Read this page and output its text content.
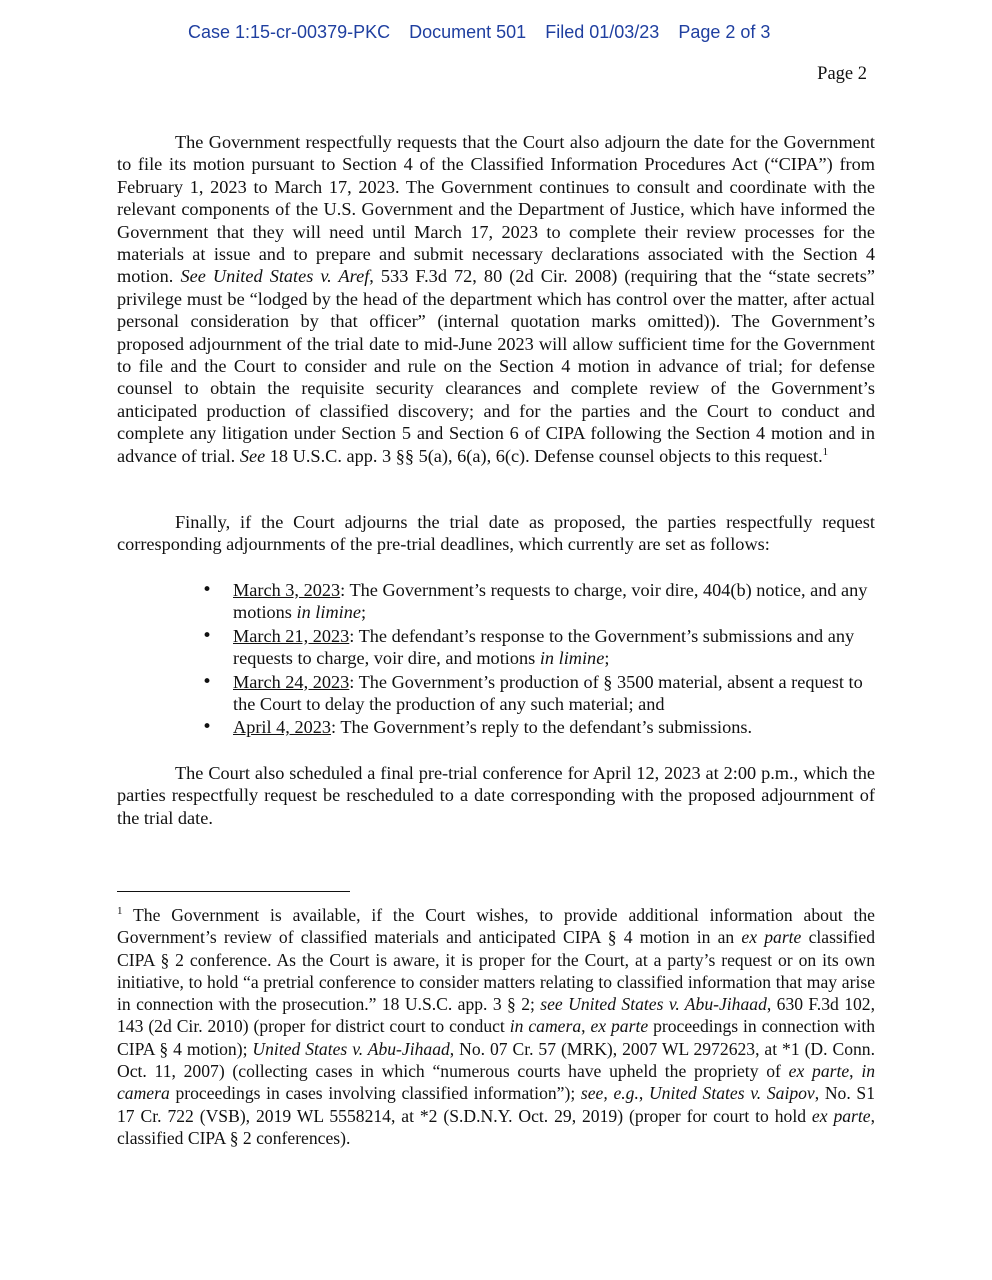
Case 1:15-cr-00379-PKC Document 501 Filed 01/03/23 Page 2 of 3
Page 2

The Government respectfully requests that the Court also adjourn the date for the Government to file its motion pursuant to Section 4 of the Classified Information Procedures Act (“CIPA”) from February 1, 2023 to March 17, 2023. The Government continues to consult and coordinate with the relevant components of the U.S. Government and the Department of Justice, which have informed the Government that they will need until March 17, 2023 to complete their review processes for the materials at issue and to prepare and submit necessary declarations associated with the Section 4 motion. See United States v. Aref, 533 F.3d 72, 80 (2d Cir. 2008) (requiring that the “state secrets” privilege must be “lodged by the head of the department which has control over the matter, after actual personal consideration by that officer” (internal quotation marks omitted)). The Government’s proposed adjournment of the trial date to mid-June 2023 will allow sufficient time for the Government to file and the Court to consider and rule on the Section 4 motion in advance of trial; for defense counsel to obtain the requisite security clearances and complete review of the Government’s anticipated production of classified discovery; and for the parties and the Court to conduct and complete any litigation under Section 5 and Section 6 of CIPA following the Section 4 motion and in advance of trial. See 18 U.S.C. app. 3 §§ 5(a), 6(a), 6(c). Defense counsel objects to this request.$^1$

Finally, if the Court adjourns the trial date as proposed, the parties respectfully request corresponding adjournments of the pre-trial deadlines, which currently are set as follows:

• March 3, 2023: The Government’s requests to charge, voir dire, 404(b) notice, and any motions in limine;
• March 21, 2023: The defendant’s response to the Government’s submissions and any requests to charge, voir dire, and motions in limine;
• March 24, 2023: The Government’s production of § 3500 material, absent a request to the Court to delay the production of any such material; and
• April 4, 2023: The Government’s reply to the defendant’s submissions.

The Court also scheduled a final pre-trial conference for April 12, 2023 at 2:00 p.m., which the parties respectfully request be rescheduled to a date corresponding with the proposed adjournment of the trial date.

$^1$ The Government is available, if the Court wishes, to provide additional information about the Government’s review of classified materials and anticipated CIPA § 4 motion in an ex parte classified CIPA § 2 conference. As the Court is aware, it is proper for the Court, at a party’s request or on its own initiative, to hold “a pretrial conference to consider matters relating to classified information that may arise in connection with the prosecution.” 18 U.S.C. app. 3 § 2; see United States v. Abu-Jihaad, 630 F.3d 102, 143 (2d Cir. 2010) (proper for district court to conduct in camera, ex parte proceedings in connection with CIPA § 4 motion); United States v. Abu-Jihaad, No. 07 Cr. 57 (MRK), 2007 WL 2972623, at *1 (D. Conn. Oct. 11, 2007) (collecting cases in which “numerous courts have upheld the propriety of ex parte, in camera proceedings in cases involving classified information”); see, e.g., United States v. Saipov, No. S1 17 Cr. 722 (VSB), 2019 WL 5558214, at *2 (S.D.N.Y. Oct. 29, 2019) (proper for court to hold ex parte, classified CIPA § 2 conferences).
